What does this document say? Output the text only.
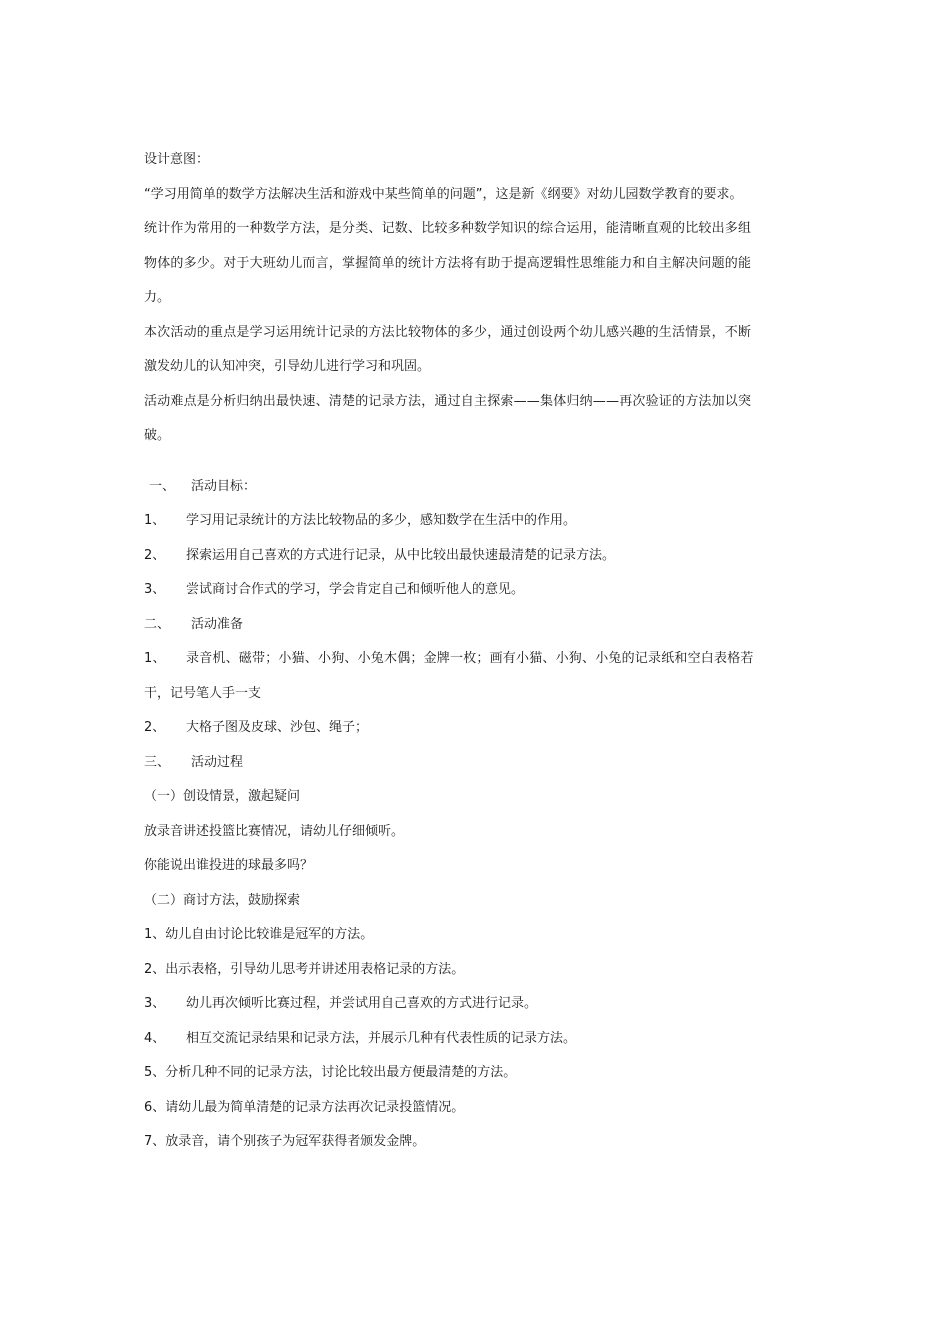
设计意图：
“学习用简单的数学方法解决生活和游戏中某些简单的问题”，这是新《纲要》对幼儿园数学教育的要求。
统计作为常用的一种数学方法，是分类、记数、比较多种数学知识的综合运用，能清晰直观的比较出多组
物体的多少。对于大班幼儿而言，掌握简单的统计方法将有助于提高逻辑性思维能力和自主解决问题的能
力。
本次活动的重点是学习运用统计记录的方法比较物体的多少，通过创设两个幼儿感兴趣的生活情景，不断
激发幼儿的认知冲突，引导幼儿进行学习和巩固。
活动难点是分析归纳出最快速、清楚的记录方法，通过自主探索——集体归纳——再次验证的方法加以突
破。
一、 活动目标：
1、 学习用记录统计的方法比较物品的多少，感知数学在生活中的作用。
2、 探索运用自己喜欢的方式进行记录，从中比较出最快速最清楚的记录方法。
3、 尝试商讨合作式的学习，学会肯定自己和倾听他人的意见。
二、 活动准备
1、 录音机、磁带；小猫、小狗、小兔木偶；金牌一枚；画有小猫、小狗、小兔的记录纸和空白表格若
干，记号笔人手一支
2、 大格子图及皮球、沙包、绳子；
三、 活动过程
（一）创设情景，激起疑问
放录音讲述投篮比赛情况，请幼儿仔细倾听。
你能说出谁投进的球最多吗？
（二）商讨方法，鼓励探索
1、幼儿自由讨论比较谁是冠军的方法。
2、出示表格，引导幼儿思考并讲述用表格记录的方法。
3、 幼儿再次倾听比赛过程，并尝试用自己喜欢的方式进行记录。
4、 相互交流记录结果和记录方法，并展示几种有代表性质的记录方法。
5、分析几种不同的记录方法，讨论比较出最方便最清楚的方法。
6、请幼儿最为简单清楚的记录方法再次记录投篮情况。
7、放录音，请个别孩子为冠军获得者颁发金牌。
